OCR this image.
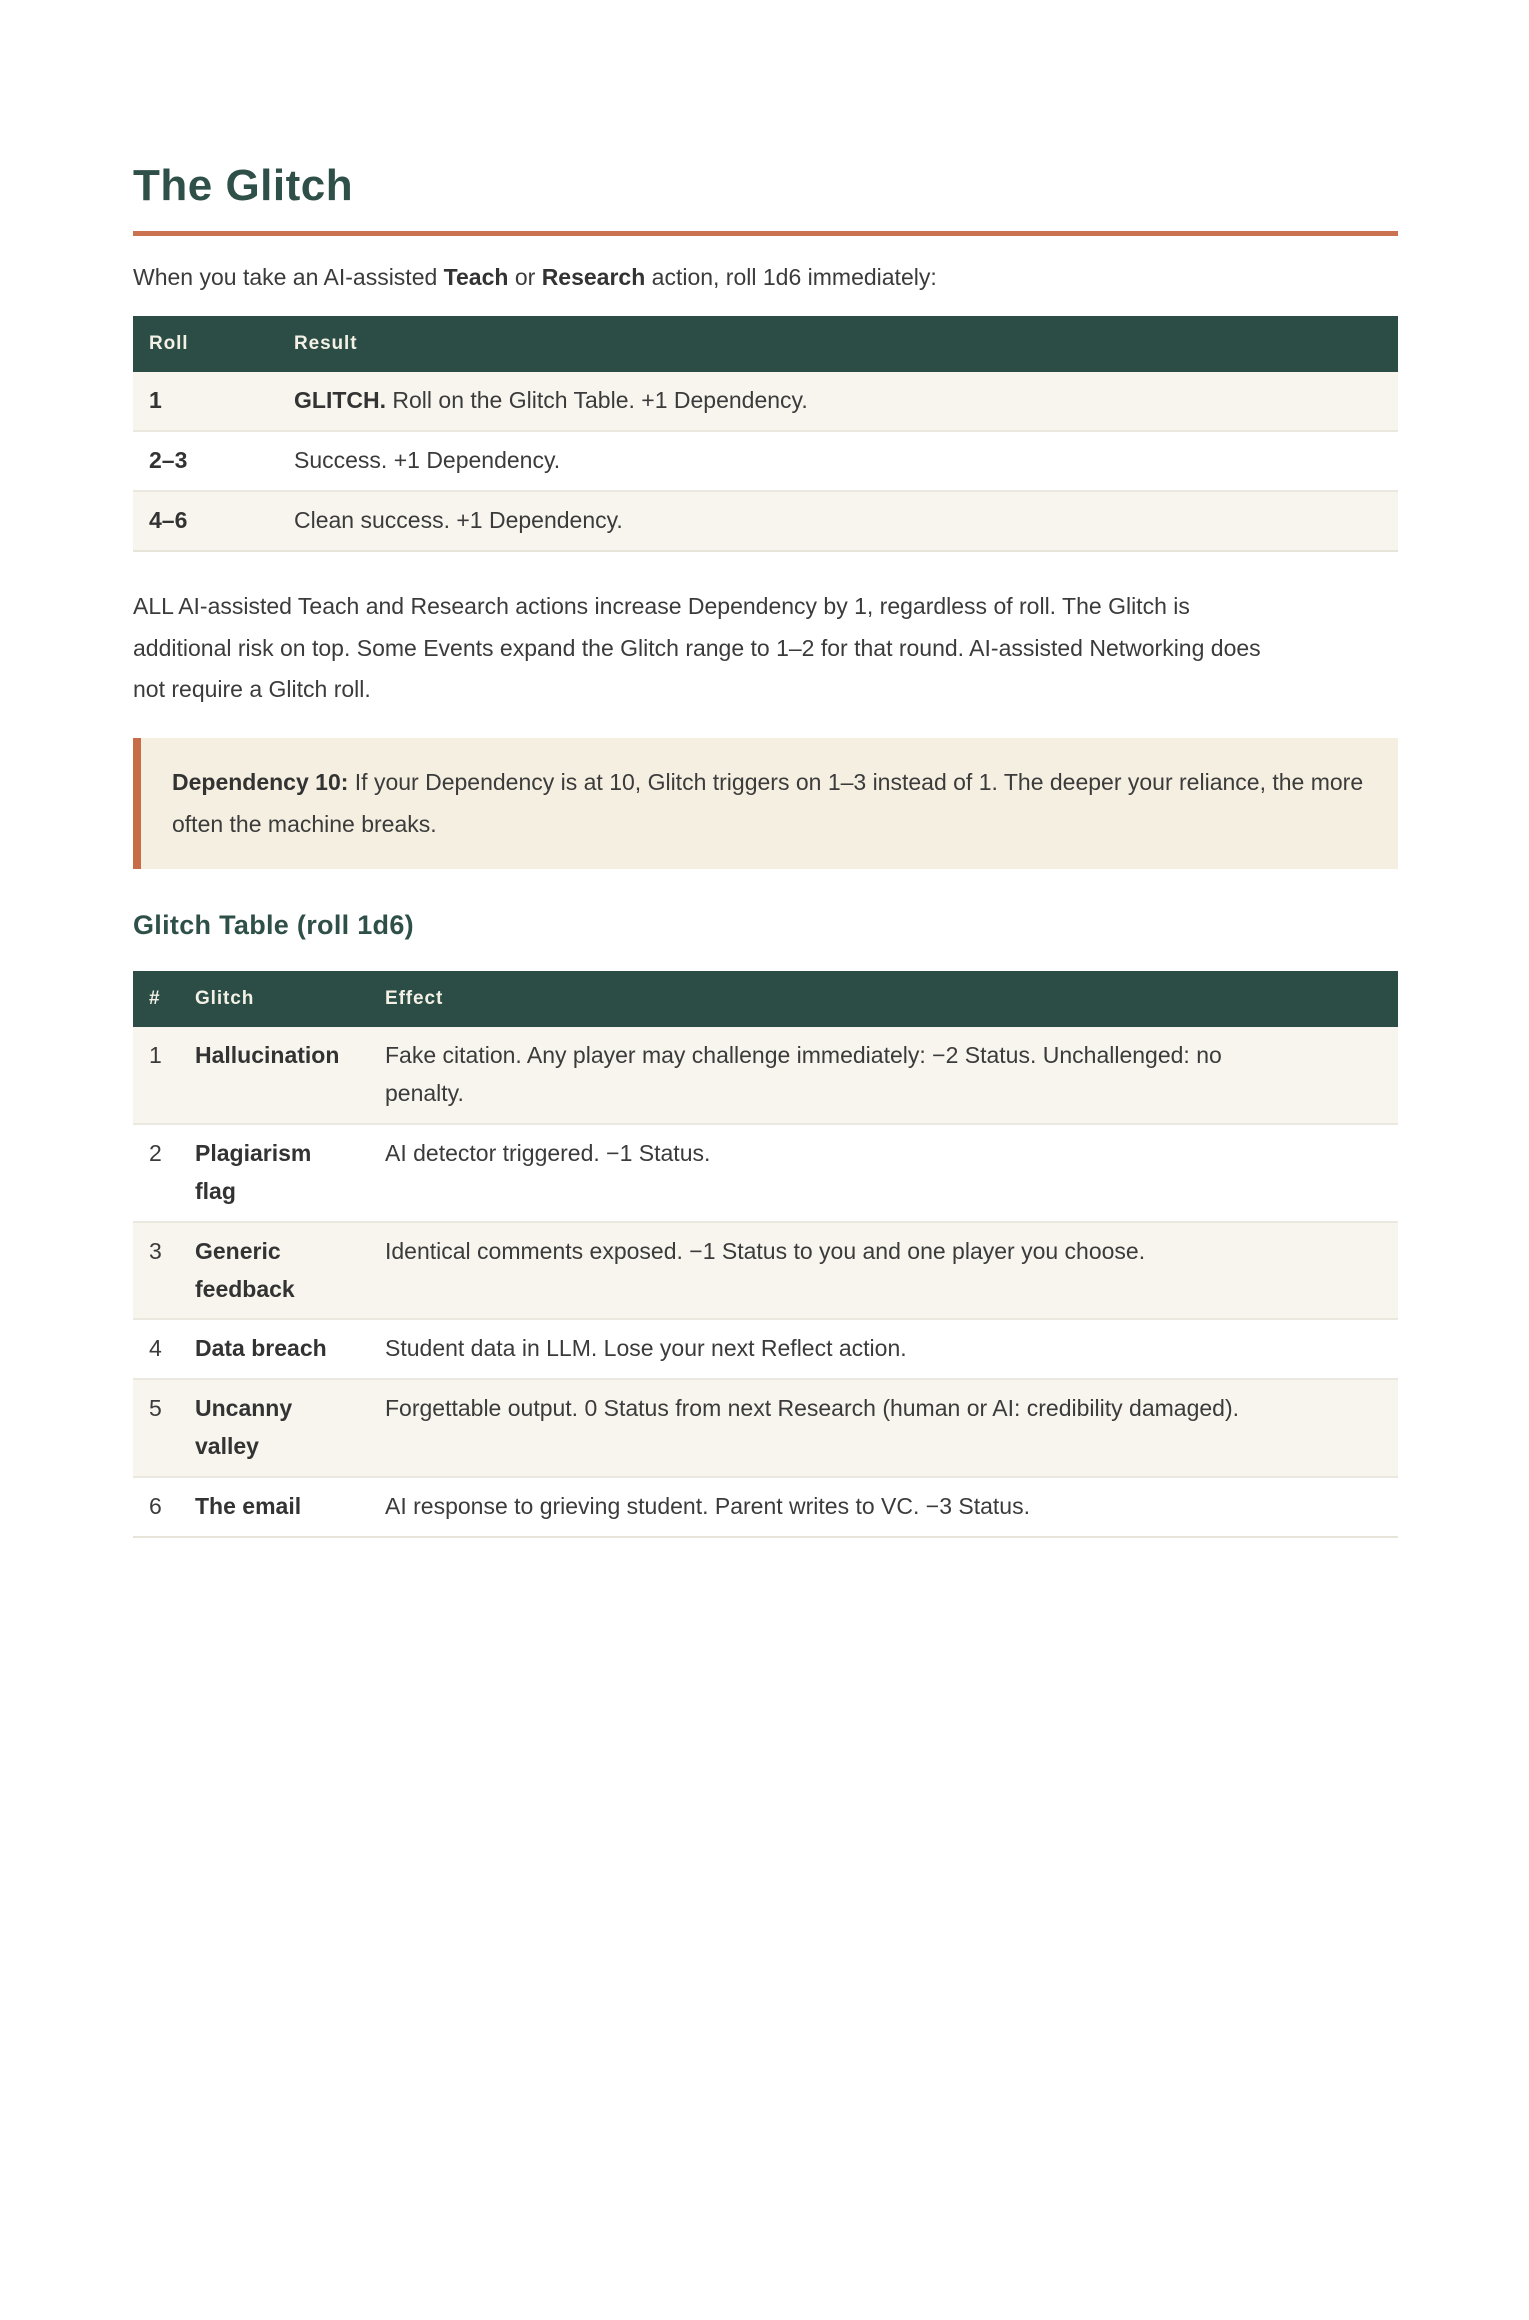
The Glitch

When you take an AI-assisted Teach or Research action, roll 1d6 immediately:

Roll	Result
1	GLITCH. Roll on the Glitch Table. +1 Dependency.
2–3	Success. +1 Dependency.
4–6	Clean success. +1 Dependency.

ALL AI-assisted Teach and Research actions increase Dependency by 1, regardless of roll. The Glitch is additional risk on top. Some Events expand the Glitch range to 1–2 for that round. AI-assisted Networking does not require a Glitch roll.

Dependency 10: If your Dependency is at 10, Glitch triggers on 1–3 instead of 1. The deeper your reliance, the more often the machine breaks.

Glitch Table (roll 1d6)
#	Glitch	Effect
1	Hallucination	Fake citation. Any player may challenge immediately: −2 Status. Unchallenged: no penalty.
2	Plagiarism flag	AI detector triggered. −1 Status.
3	Generic feedback	Identical comments exposed. −1 Status to you and one player you choose.
4	Data breach	Student data in LLM. Lose your next Reflect action.
5	Uncanny valley	Forgettable output. 0 Status from next Research (human or AI: credibility damaged).
6	The email	AI response to grieving student. Parent writes to VC. −3 Status.
